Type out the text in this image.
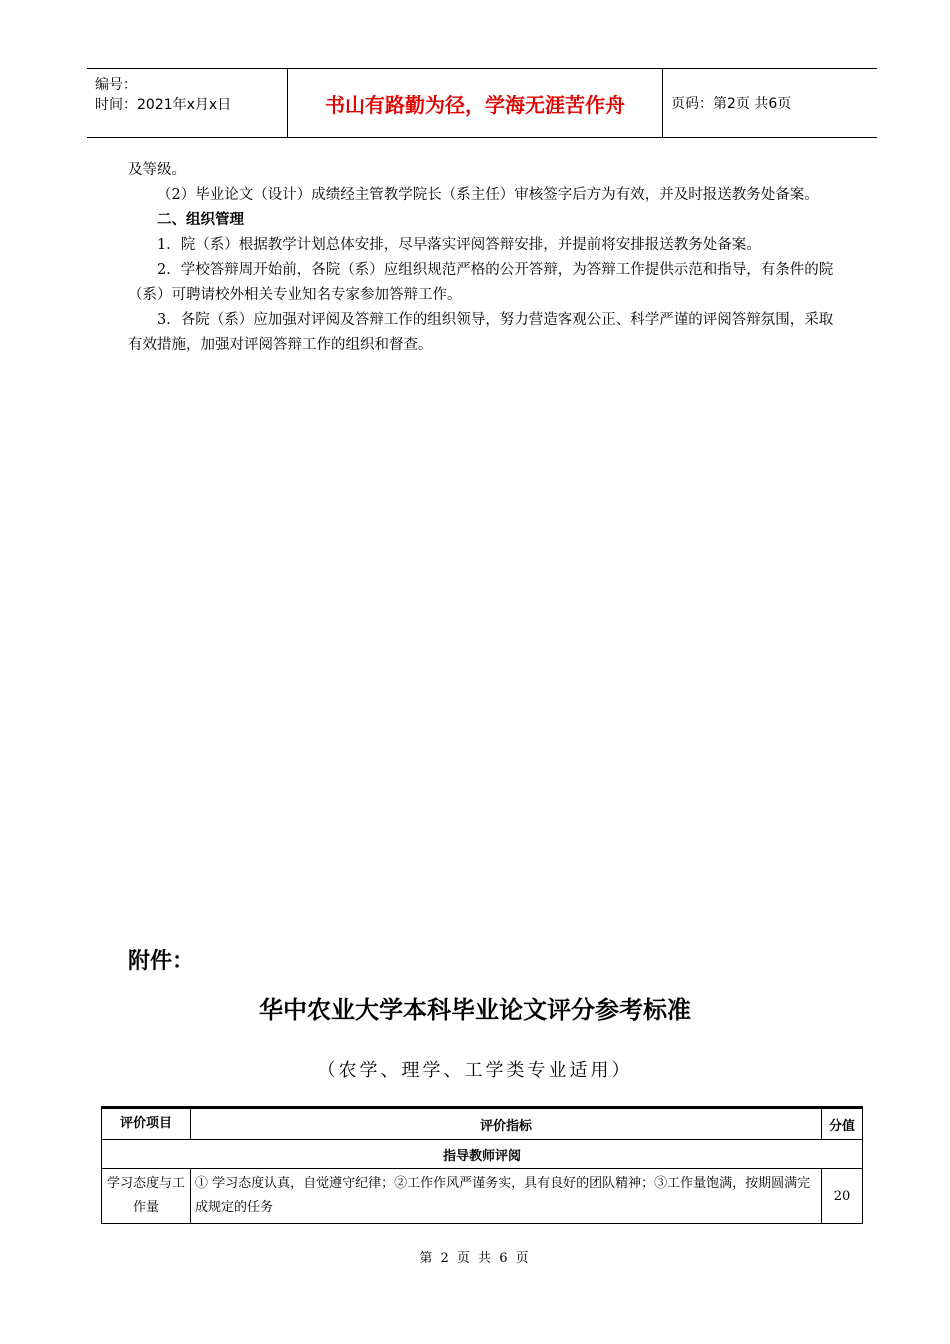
编号：
时间：2021年x月x日	书山有路勤为径，学海无涯苦作舟	页码：第2页 共6页

及等级。

（2）毕业论文（设计）成绩经主管教学院长（系主任）审核签字后方为有效，并及时报送教务处备案。

二、组织管理

1．院（系）根据教学计划总体安排，尽早落实评阅答辩安排，并提前将安排报送教务处备案。

2．学校答辩周开始前，各院（系）应组织规范严格的公开答辩，为答辩工作提供示范和指导，有条件的院（系）可聘请校外相关专业知名专家参加答辩工作。

3．各院（系）应加强对评阅及答辩工作的组织领导，努力营造客观公正、科学严谨的评阅答辩氛围，采取有效措施，加强对评阅答辩工作的组织和督查。

附件：
华中农业大学本科毕业论文评分参考标准
（农学、理学、工学类专业适用）
评价项目	评价指标	分值
指导教师评阅		
学习态度与工作量	① 学习态度认真，自觉遵守纪律；②工作作风严谨务实，具有良好的团队精神；③工作量饱满，按期圆满完成规定的任务	20
第 2 页 共 6 页
